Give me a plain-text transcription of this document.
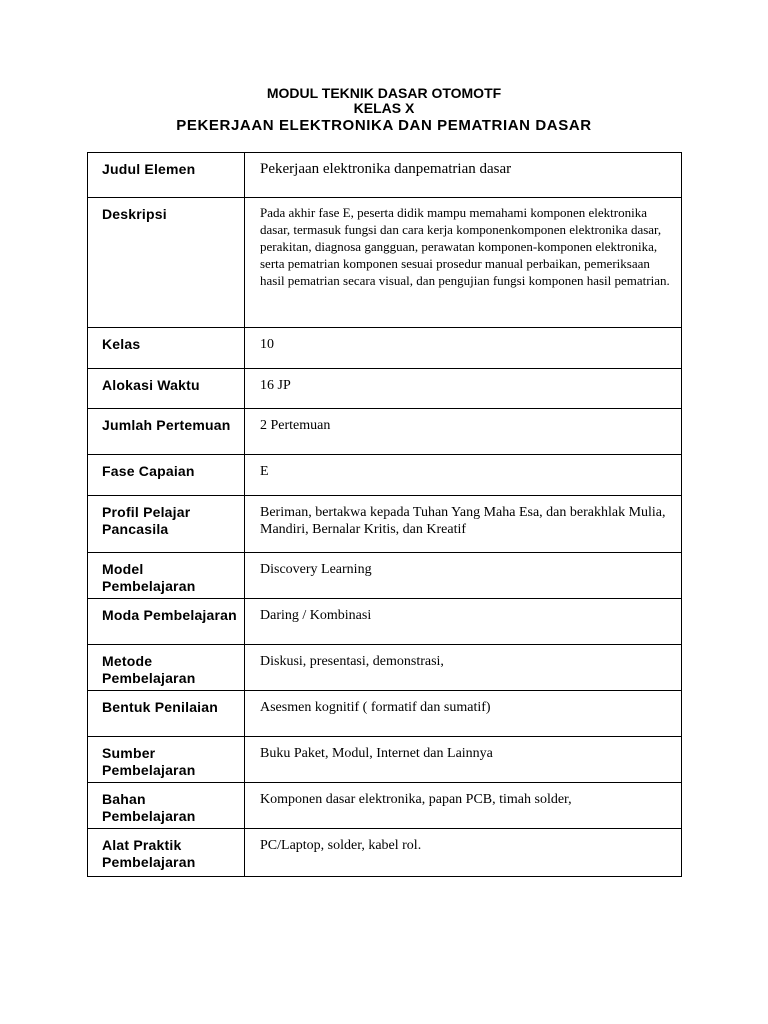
MODUL TEKNIK DASAR OTOMOTF
KELAS X
PEKERJAAN ELEKTRONIKA DAN PEMATRIAN DASAR
Judul Elemen	Pekerjaan elektronika danpematrian dasar
Deskripsi	Pada akhir fase E, peserta didik mampu memahami komponen elektronika dasar, termasuk fungsi dan cara kerja komponenkomponen elektronika dasar, perakitan, diagnosa gangguan, perawatan komponen-komponen elektronika, serta pematrian komponen sesuai prosedur manual perbaikan, pemeriksaan hasil pematrian secara visual, dan pengujian fungsi komponen hasil pematrian.
Kelas	10
Alokasi Waktu	16 JP
Jumlah Pertemuan	2 Pertemuan
Fase Capaian	E
Profil Pelajar Pancasila	Beriman, bertakwa kepada Tuhan Yang Maha Esa, dan berakhlak Mulia, Mandiri, Bernalar Kritis, dan Kreatif
Model Pembelajaran	Discovery Learning
Moda Pembelajaran	Daring / Kombinasi
Metode Pembelajaran	Diskusi, presentasi, demonstrasi,
Bentuk Penilaian	Asesmen kognitif ( formatif dan sumatif)
Sumber Pembelajaran	Buku Paket, Modul, Internet dan Lainnya
Bahan Pembelajaran	Komponen dasar elektronika, papan PCB, timah solder,
Alat Praktik Pembelajaran	PC/Laptop, solder, kabel rol.
